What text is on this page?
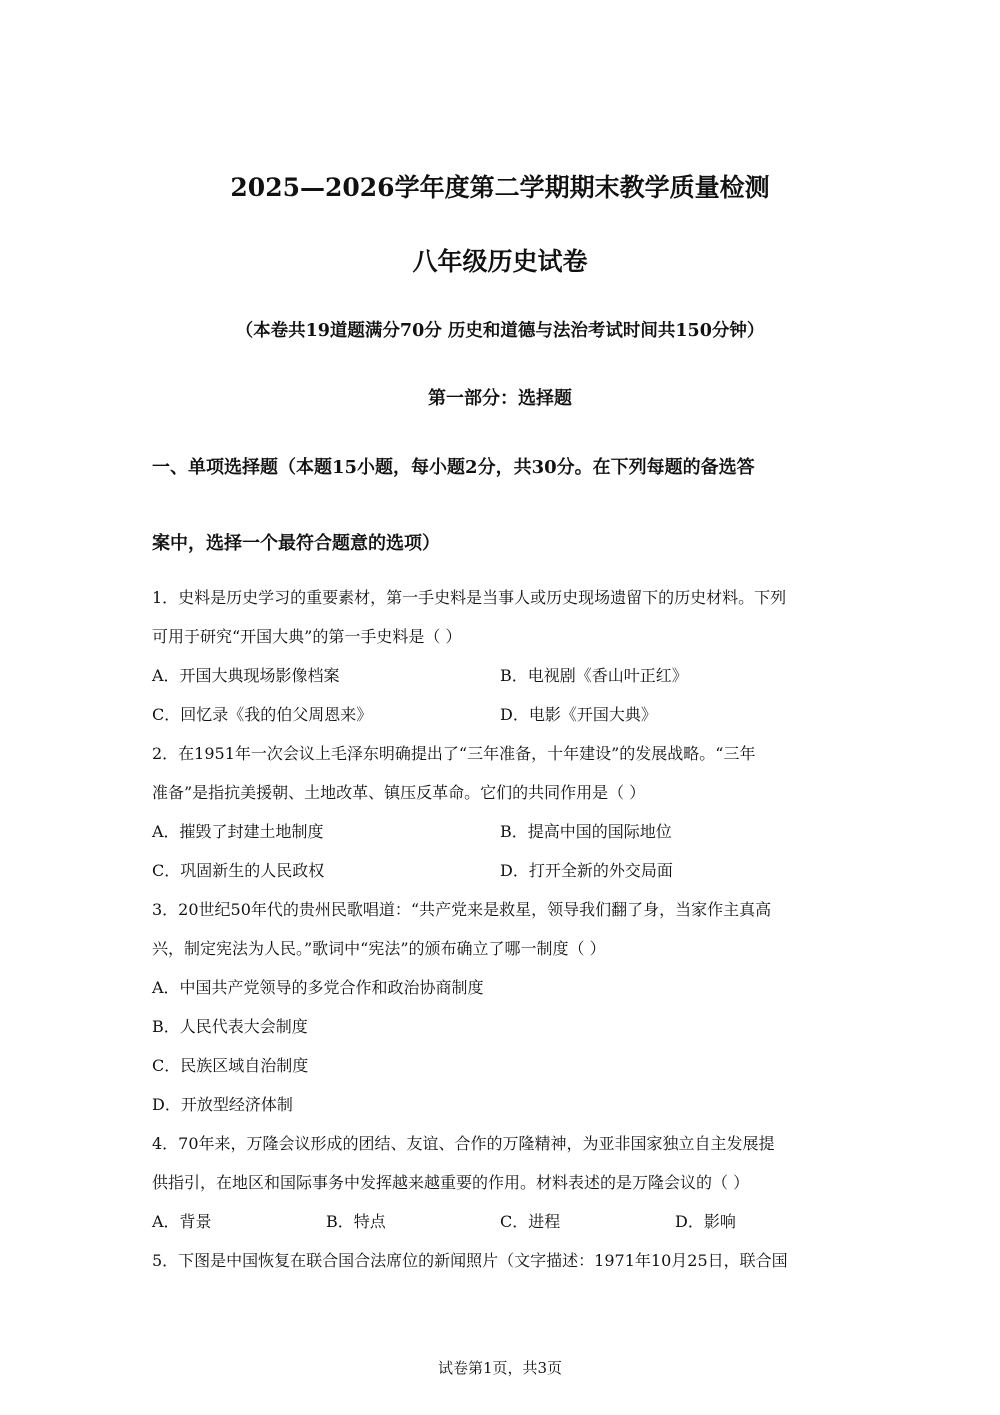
2025—2026学年度第二学期期末教学质量检测
八年级历史试卷
（本卷共19道题满分70分 历史和道德与法治考试时间共150分钟）
第一部分：选择题
一、单项选择题（本题15小题，每小题2分，共30分。在下列每题的备选答
案中，选择一个最符合题意的选项）
1．史料是历史学习的重要素材，第一手史料是当事人或历史现场遗留下的历史材料。下列
可用于研究“开国大典”的第一手史料是（ ）
A．开国大典现场影像档案	B．电视剧《香山叶正红》
C．回忆录《我的伯父周恩来》	D．电影《开国大典》
2．在1951年一次会议上毛泽东明确提出了“三年准备，十年建设”的发展战略。“三年
准备”是指抗美援朝、土地改革、镇压反革命。它们的共同作用是（ ）
A．摧毁了封建土地制度	B．提高中国的国际地位
C．巩固新生的人民政权	D．打开全新的外交局面
3．20世纪50年代的贵州民歌唱道：“共产党来是救星，领导我们翻了身，当家作主真高
兴，制定宪法为人民。”歌词中“宪法”的颁布确立了哪一制度（ ）
A．中国共产党领导的多党合作和政治协商制度
B．人民代表大会制度
C．民族区域自治制度
D．开放型经济体制
4．70年来，万隆会议形成的团结、友谊、合作的万隆精神，为亚非国家独立自主发展提
供指引，在地区和国际事务中发挥越来越重要的作用。材料表述的是万隆会议的（ ）
A．背景	B．特点	C．进程	D．影响
5．下图是中国恢复在联合国合法席位的新闻照片（文字描述：1971年10月25日，联合国
试卷第1页，共3页
